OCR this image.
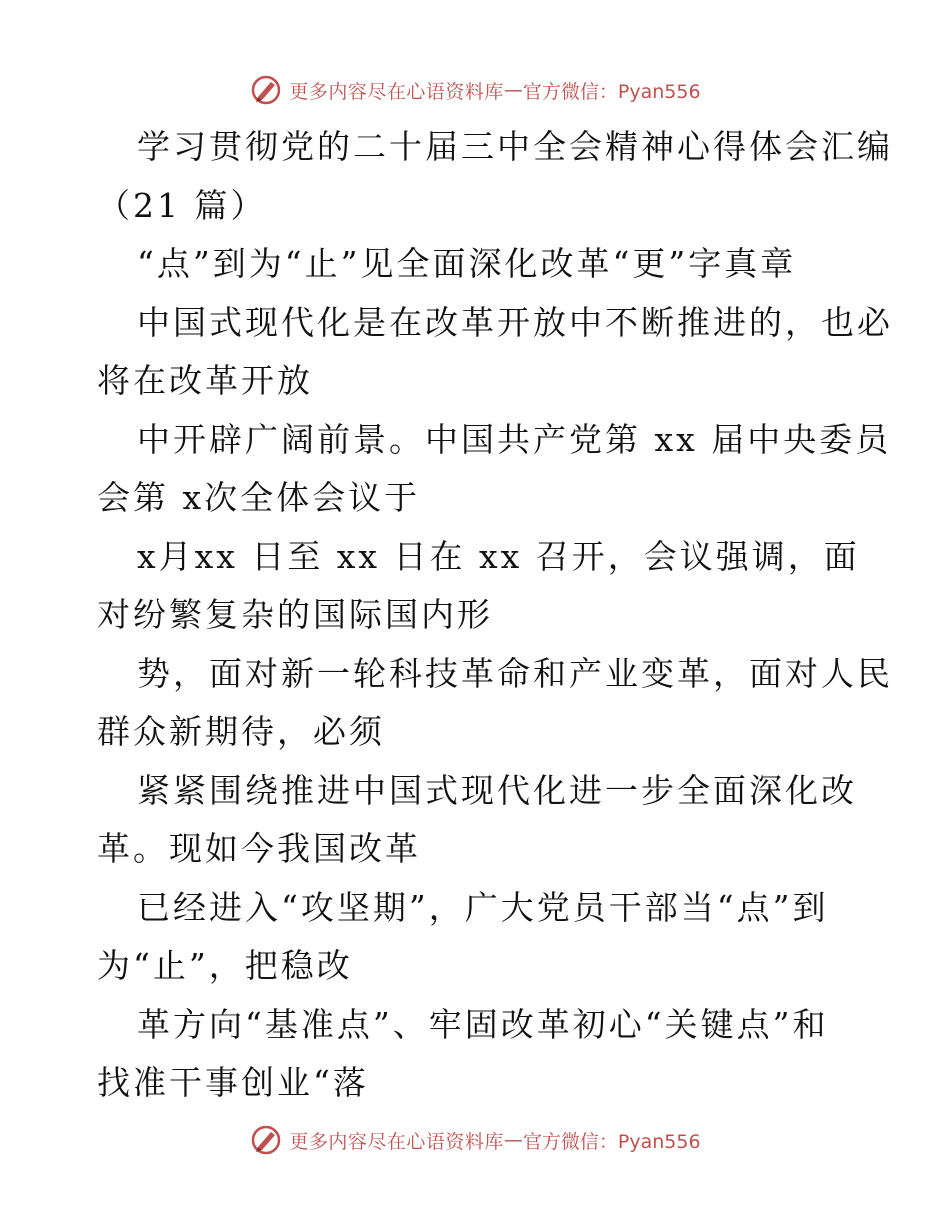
更多内容尽在心语资料库 — 官方微信：Pyan556
学习贯彻党的二十届三中全会精神心得体会汇编
（21 篇）
“点”到为“止”见全面深化改革“更”字真章
中国式现代化是在改革开放中不断推进的，也必
将在改革开放
中开辟广阔前景。中国共产党第 xx 届中央委员
会第 x次全体会议于
x月xx 日至 xx 日在 xx 召开，会议强调，面
对纷繁复杂的国际国内形
势，面对新一轮科技革命和产业变革，面对人民
群众新期待，必须
紧紧围绕推进中国式现代化进一步全面深化改
革。现如今我国改革
已经进入“攻坚期”，广大党员干部当“点”到
为“止”，把稳改
革方向“基准点”、牢固改革初心“关键点”和
找准干事创业“落
更多内容尽在心语资料库 — 官方微信：Pyan556
